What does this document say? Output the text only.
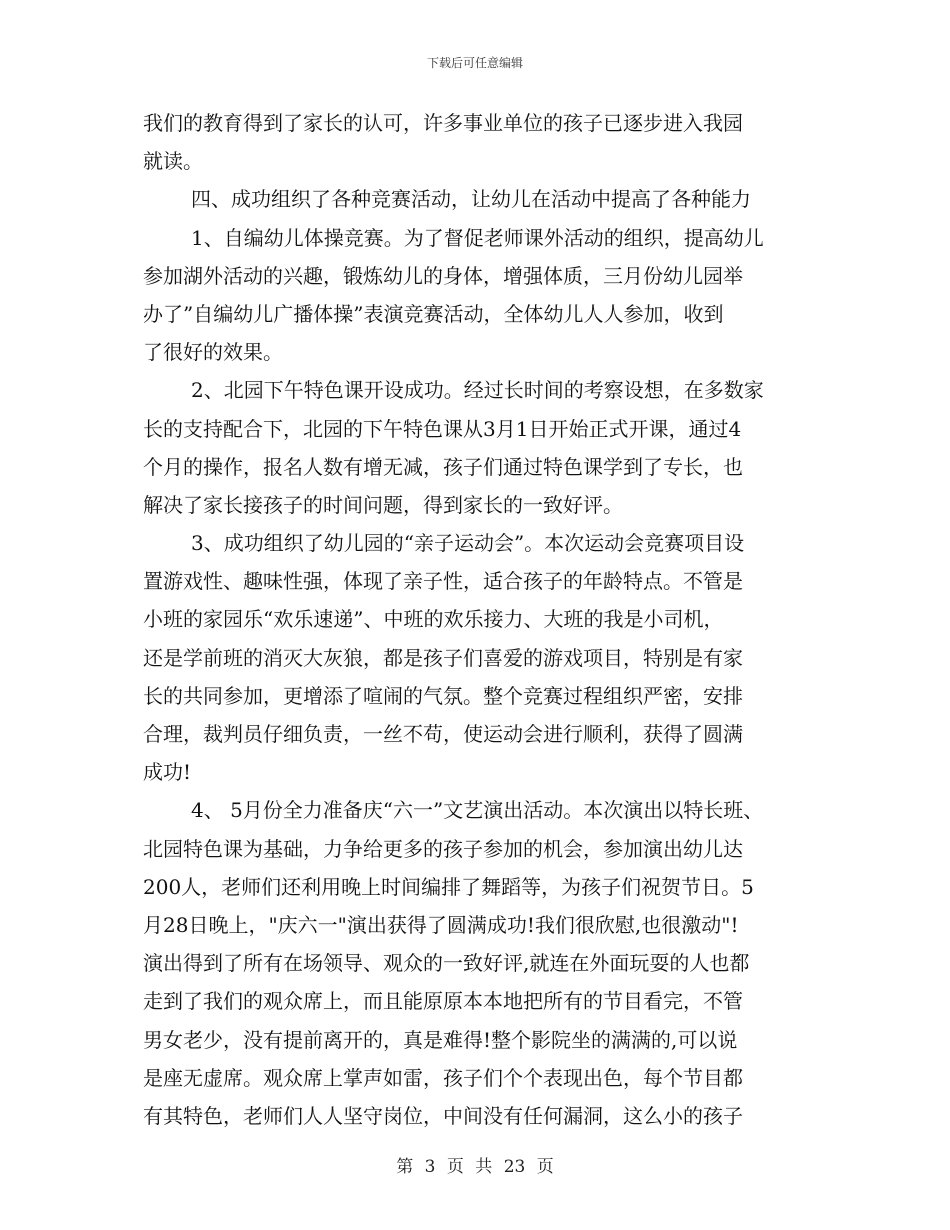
下载后可任意编辑
我们的教育得到了家长的认可，许多事业单位的孩子已逐步进入我园
就读。
四、成功组织了各种竞赛活动，让幼儿在活动中提高了各种能力
1、自编幼儿体操竞赛。为了督促老师课外活动的组织，提高幼儿
参加湖外活动的兴趣，锻炼幼儿的身体，增强体质，三月份幼儿园举
办了”自编幼儿广播体操”表演竞赛活动，全体幼儿人人参加，收到
了很好的效果。
2、北园下午特色课开设成功。经过长时间的考察设想，在多数家
长的支持配合下，北园的下午特色课从3月1日开始正式开课，通过4
个月的操作，报名人数有增无减，孩子们通过特色课学到了专长，也
解决了家长接孩子的时间问题，得到家长的一致好评。
3、成功组织了幼儿园的“亲子运动会”。本次运动会竞赛项目设
置游戏性、趣味性强，体现了亲子性，适合孩子的年龄特点。不管是
小班的家园乐“欢乐速递”、中班的欢乐接力、大班的我是小司机，
还是学前班的消灭大灰狼，都是孩子们喜爱的游戏项目，特别是有家
长的共同参加，更增添了喧闹的气氛。整个竞赛过程组织严密，安排
合理，裁判员仔细负责，一丝不苟，使运动会进行顺利，获得了圆满
成功!
4、 5月份全力准备庆“六一”文艺演出活动。本次演出以特长班、
北园特色课为基础，力争给更多的孩子参加的机会，参加演出幼儿达
200人，老师们还利用晚上时间编排了舞蹈等，为孩子们祝贺节日。5
月28日晚上，"庆六一"演出获得了圆满成功!我们很欣慰,也很激动"!
演出得到了所有在场领导、观众的一致好评,就连在外面玩耍的人也都
走到了我们的观众席上，而且能原原本本地把所有的节目看完，不管
男女老少，没有提前离开的，真是难得!整个影院坐的满满的,可以说
是座无虚席。观众席上掌声如雷，孩子们个个表现出色，每个节目都
有其特色，老师们人人坚守岗位，中间没有任何漏洞，这么小的孩子
第 3 页 共 23 页
